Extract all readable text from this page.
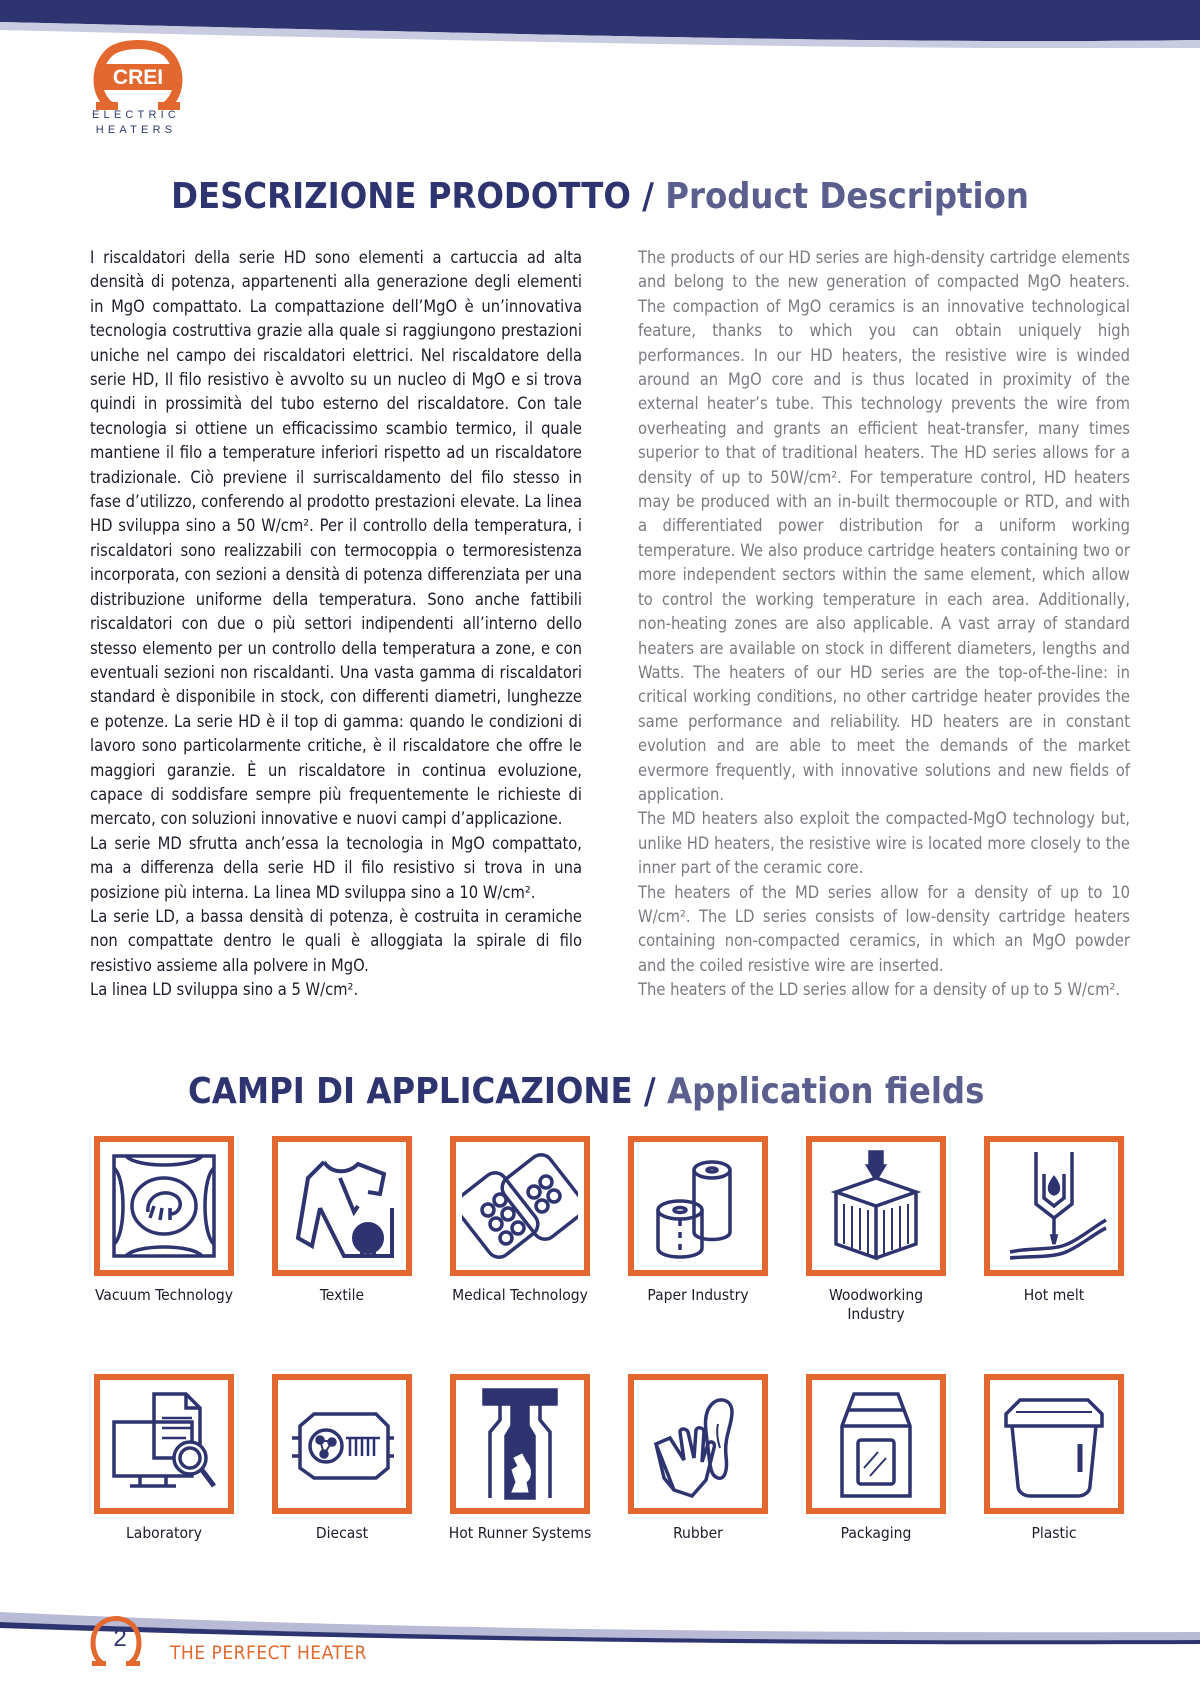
CREI
ELECTRIC
HEATERS
DESCRIZIONE PRODOTTO / Product Description

I riscaldatori della serie HD sono elementi a cartuccia ad alta densità di potenza, appartenenti alla generazione degli elementi in MgO compattato. La compattazione dell’MgO è un’innovativa tecnologia costruttiva grazie alla quale si raggiungono prestazioni uniche nel campo dei riscaldatori elettrici. Nel riscaldatore della serie HD, Il filo resistivo è avvolto su un nucleo di MgO e si trova quindi in prossimità del tubo esterno del riscaldatore. Con tale tecnologia si ottiene un efficacissimo scambio termico, il quale mantiene il filo a temperature inferiori rispetto ad un riscaldatore tradizionale. Ciò previene il surriscaldamento del filo stesso in fase d’utilizzo, conferendo al prodotto prestazioni elevate. La linea HD sviluppa sino a 50 W/cm². Per il controllo della temperatura, i riscaldatori sono realizzabili con termocoppia o termoresistenza incorporata, con sezioni a densità di potenza differenziata per una distribuzione uniforme della temperatura. Sono anche fattibili riscaldatori con due o più settori indipendenti all’interno dello stesso elemento per un controllo della temperatura a zone, e con eventuali sezioni non riscaldanti. Una vasta gamma di riscaldatori standard è disponibile in stock, con differenti diametri, lunghezze e potenze. La serie HD è il top di gamma: quando le condizioni di lavoro sono particolarmente critiche, è il riscaldatore che offre le maggiori garanzie. È un riscaldatore in continua evoluzione, capace di soddisfare sempre più frequentemente le richieste di mercato, con soluzioni innovative e nuovi campi d’applicazione.

La serie MD sfrutta anch’essa la tecnologia in MgO compattato, ma a differenza della serie HD il filo resistivo si trova in una posizione più interna. La linea MD sviluppa sino a 10 W/cm².

La serie LD, a bassa densità di potenza, è costruita in ceramiche non compattate dentro le quali è alloggiata la spirale di filo resistivo assieme alla polvere in MgO.

La linea LD sviluppa sino a 5 W/cm².

The products of our HD series are high-density cartridge elements and belong to the new generation of compacted MgO heaters. The compaction of MgO ceramics is an innovative technological feature, thanks to which you can obtain uniquely high performances. In our HD heaters, the resistive wire is winded around an MgO core and is thus located in proximity of the external heater’s tube. This technology prevents the wire from overheating and grants an efficient heat-transfer, many times superior to that of traditional heaters. The HD series allows for a density of up to 50W/cm². For temperature control, HD heaters may be produced with an in-built thermocouple or RTD, and with a differentiated power distribution for a uniform working temperature. We also produce cartridge heaters containing two or more independent sectors within the same element, which allow to control the working temperature in each area. Additionally, non-heating zones are also applicable. A vast array of standard heaters are available on stock in different diameters, lengths and Watts. The heaters of our HD series are the top-of-the-line: in critical working conditions, no other cartridge heater provides the same performance and reliability. HD heaters are in constant evolution and are able to meet the demands of the market evermore frequently, with innovative solutions and new fields of application.

The MD heaters also exploit the compacted-MgO technology but, unlike HD heaters, the resistive wire is located more closely to the inner part of the ceramic core.

The heaters of the MD series allow for a density of up to 10 W/cm². The LD series consists of low-density cartridge heaters containing non-compacted ceramics, in which an MgO powder and the coiled resistive wire are inserted.

The heaters of the LD series allow for a density of up to 5 W/cm².

CAMPI DI APPLICAZIONE / Application fields
Vacuum Technology	Textile	Medical Technology	Paper Industry	Woodworking Industry
Hot melt
Laboratory	Diecast	Hot Runner Systems	Rubber	Packaging	Plastic
2
THE PERFECT HEATER
